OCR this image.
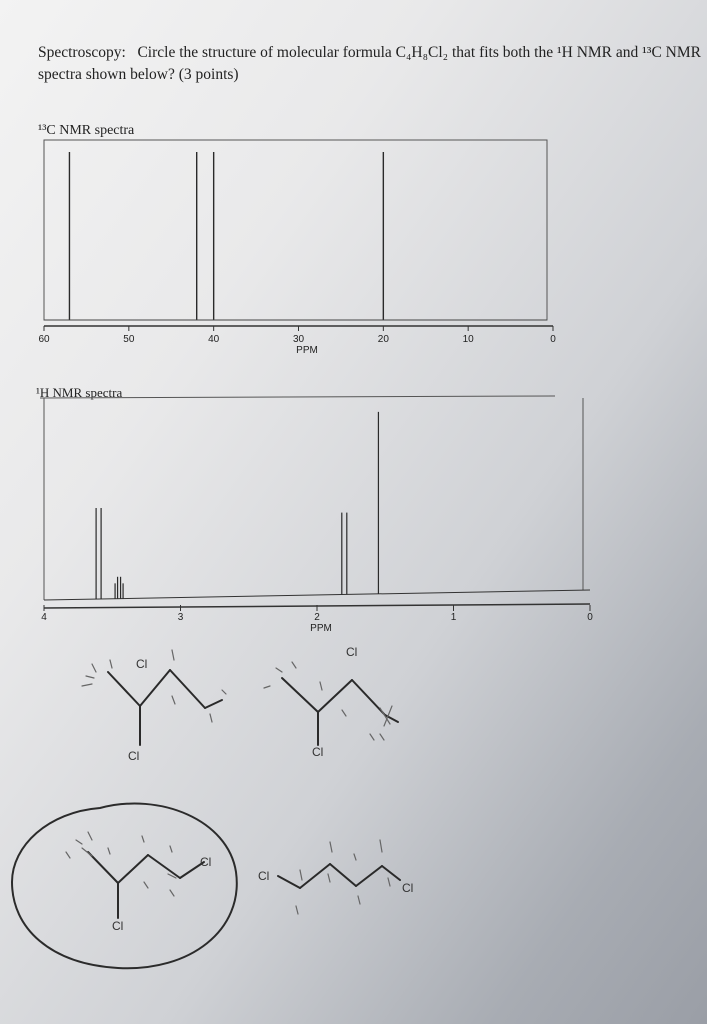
Spectroscopy: Circle the structure of molecular formula C₄H₈Cl₂ that fits both the ¹H NMR and ¹³C NMR spectra shown below? (3 points)
¹³C NMR spectra
60	50	40	30	20	10	0
PPM
¹H NMR spectra
4	3	2	1	0
PPM
Cl
Cl
Cl
Cl
Cl
Cl
Cl
Cl
